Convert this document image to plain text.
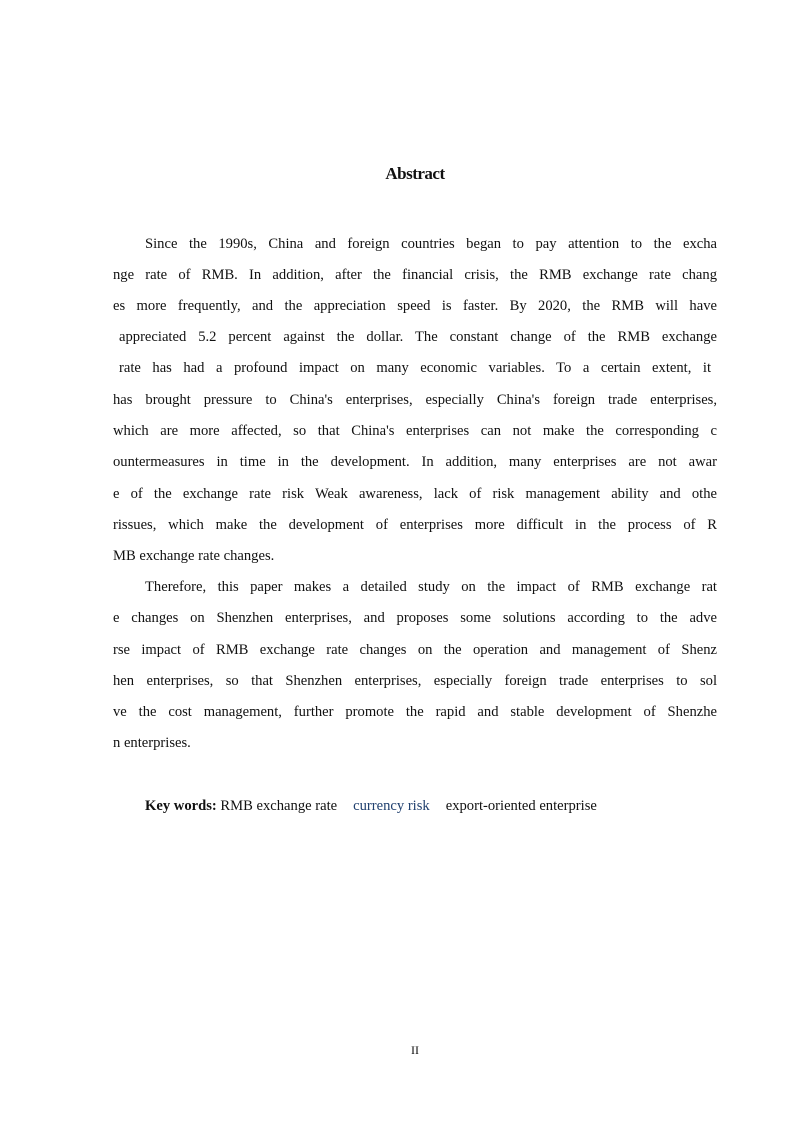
Abstract
Since the 1990s, China and foreign countries began to pay attention to the excha
nge rate of RMB. In addition, after the financial crisis, the RMB exchange rate chang
es more frequently, and the appreciation speed is faster. By 2020, the RMB will have
appreciated 5.2 percent against the dollar. The constant change of the RMB exchange
rate has had a profound impact on many economic variables. To a certain extent, it
has brought pressure to China's enterprises, especially China's foreign trade enterprises,
which are more affected, so that China's enterprises can not make the corresponding c
ountermeasures in time in the development. In addition, many enterprises are not awar
e of the exchange rate risk Weak awareness, lack of risk management ability and othe
rissues, which make the development of enterprises more difficult in the process of R
MB exchange rate changes.
Therefore, this paper makes a detailed study on the impact of RMB exchange rat
e changes on Shenzhen enterprises, and proposes some solutions according to the adve
rse impact of RMB exchange rate changes on the operation and management of Shenz
hen enterprises, so that Shenzhen enterprises, especially foreign trade enterprises to sol
ve the cost management, further promote the rapid and stable development of Shenzhe
n enterprises.
Key words: RMB exchange rate currency risk export-oriented enterprise
II
